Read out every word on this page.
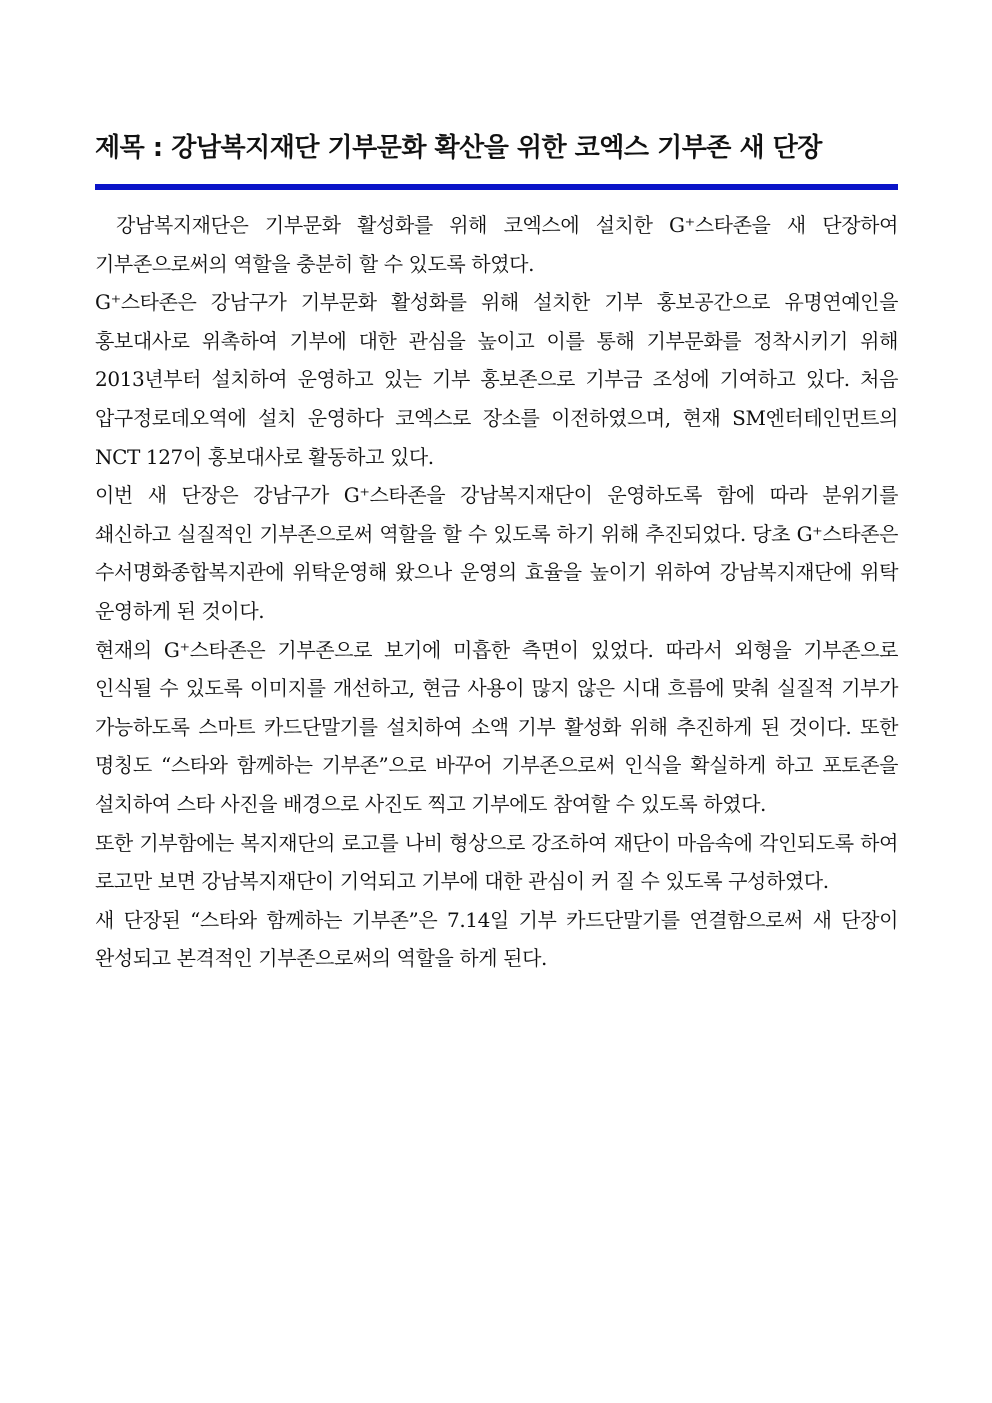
제목 : 강남복지재단 기부문화 확산을 위한 코엑스 기부존 새 단장

강남복지재단은 기부문화 활성화를 위해 코엑스에 설치한 G⁺스타존을 새 단장하여 기부존으로써의 역할을 충분히 할 수 있도록 하였다.

G⁺스타존은 강남구가 기부문화 활성화를 위해 설치한 기부 홍보공간으로 유명연예인을 홍보대사로 위촉하여 기부에 대한 관심을 높이고 이를 통해 기부문화를 정착시키기 위해 2013년부터 설치하여 운영하고 있는 기부 홍보존으로 기부금 조성에 기여하고 있다. 처음 압구정로데오역에 설치 운영하다 코엑스로 장소를 이전하였으며, 현재 SM엔터테인먼트의 NCT 127이 홍보대사로 활동하고 있다.

이번 새 단장은 강남구가 G⁺스타존을 강남복지재단이 운영하도록 함에 따라 분위기를 쇄신하고 실질적인 기부존으로써 역할을 할 수 있도록 하기 위해 추진되었다. 당초 G⁺스타존은 수서명화종합복지관에 위탁운영해 왔으나 운영의 효율을 높이기 위하여 강남복지재단에 위탁 운영하게 된 것이다.

현재의 G⁺스타존은 기부존으로 보기에 미흡한 측면이 있었다. 따라서 외형을 기부존으로 인식될 수 있도록 이미지를 개선하고, 현금 사용이 많지 않은 시대 흐름에 맞춰 실질적 기부가 가능하도록 스마트 카드단말기를 설치하여 소액 기부 활성화 위해 추진하게 된 것이다. 또한 명칭도 “스타와 함께하는 기부존”으로 바꾸어 기부존으로써 인식을 확실하게 하고 포토존을 설치하여 스타 사진을 배경으로 사진도 찍고 기부에도 참여할 수 있도록 하였다.

또한 기부함에는 복지재단의 로고를 나비 형상으로 강조하여 재단이 마음속에 각인되도록 하여 로고만 보면 강남복지재단이 기억되고 기부에 대한 관심이 커 질 수 있도록 구성하였다.

새 단장된 “스타와 함께하는 기부존”은 7.14일 기부 카드단말기를 연결함으로써 새 단장이 완성되고 본격적인 기부존으로써의 역할을 하게 된다.
